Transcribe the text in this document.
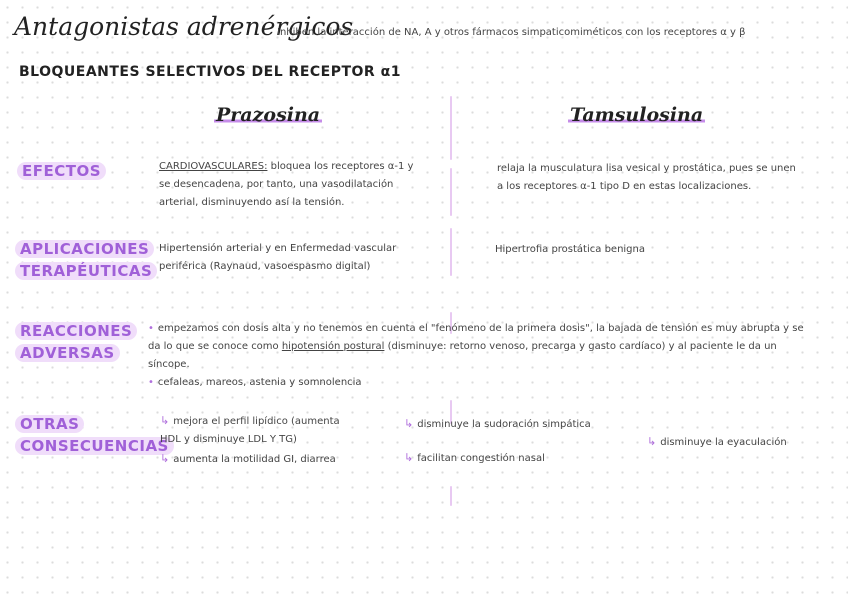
Antagonistas adrenérgicos
Inhiben la interacción de NA, A y otros fármacos simpaticomiméticos con los receptores α y β
BLOQUEANTES SELECTIVOS DEL RECEPTOR α1
Prazosina	Tamsulosina
EFECTOS	CARDIOVASCULARES: bloquea los receptores α-1 y se desencadena, por tanto, una vasodilatación arterial, disminuyendo así la tensión.
relaja la musculatura lisa vesical y prostática, pues se unen a los receptores α-1 tipo D en estas localizaciones.
APLICACIONES
TERAPÉUTICAS
Hipertensión arterial y en Enfermedad vascular periférica (Raynaud, vasoespasmo digital)
Hipertrofia prostática benigna
REACCIONES
ADVERSAS
• empezamos con dosis alta y no tenemos en cuenta el "fenómeno de la primera dosis", la bajada de tensión es muy abrupta y se da lo que se conoce como hipotensión postural (disminuye: retorno venoso, precarga y gasto cardíaco) y al paciente le da un síncope.
• cefaleas, mareos, astenia y somnolencia
OTRAS
CONSECUENCIAS
↳ mejora el perfil lipídico (aumenta HDL y disminuye LDL Y TG)
↳ aumenta la motilidad GI, diarrea
↳ disminuye la sudoración simpática
↳ facilitan congestión nasal
↳ disminuye la eyaculación
